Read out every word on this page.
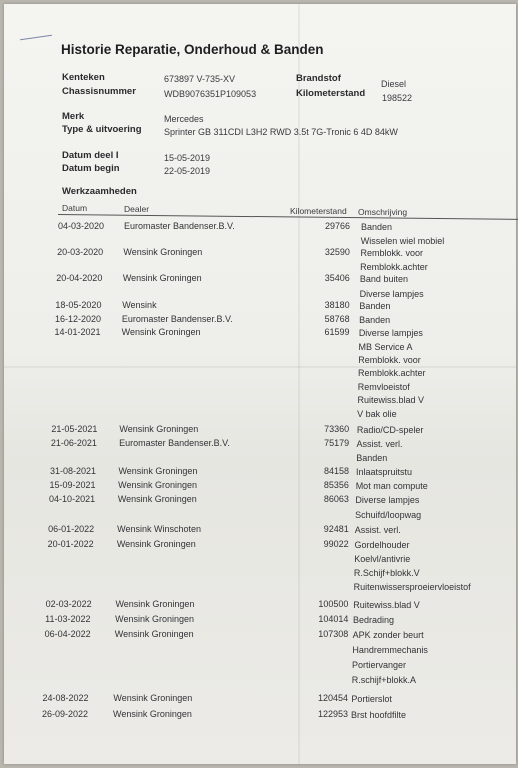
Historie Reparatie, Onderhoud & Banden
Kenteken	673897 V-735-XV
Chassisnummer	WDB9076351P109053
Brandstof	Diesel
Kilometerstand 198522
Merk	Mercedes
Type & uitvoering Sprinter GB 311CDI L3H2 RWD 3.5t 7G-Tronic 6 4D 84kW
Datum deel I	15-05-2019
Datum begin	22-05-2019
Werkzaamheden
Datum	Dealer	Kilometerstand Omschrijving
04-03-2020 Euromaster Bandenser.B.V.	29766 Banden
Wisselen wiel mobiel
20-03-2020 Wensink Groningen	32590 Remblokk. voor
Remblokk.achter
20-04-2020 Wensink Groningen	35406 Band buiten
Diverse lampjes
18-05-2020 Wensink	38180 Banden
16-12-2020 Euromaster Bandenser.B.V.	58768 Banden
14-01-2021 Wensink Groningen	61599 Diverse lampjes
MB Service A
Remblokk. voor
Remblokk.achter
Remvloeistof
Ruitewiss.blad V
V bak olie
21-05-2021 Wensink Groningen	73360 Radio/CD-speler
21-06-2021 Euromaster Bandenser.B.V.	75179 Assist. verl.
Banden
31-08-2021 Wensink Groningen	84158 Inlaatspruitstu
15-09-2021	Wensink Groningen	85356 Mot man compute
04-10-2021	Wensink Groningen	86063 Diverse lampjes
Schuifd/loopwag
06-01-2022	Wensink Winschoten	92481 Assist. verl.
20-01-2022	Wensink Groningen	99022 Gordelhouder
Koelvl/antivrie
R.Schijf+blokk.V
Ruitenwissersproeiervloeistof
02-03-2022	Wensink Groningen	100500 Ruitewiss.blad V
11-03-2022	Wensink Groningen	104014 Bedrading
06-04-2022	Wensink Groningen	107308 APK zonder beurt
Handremmechanis
Portiervanger
R.schijf+blokk.A
24-08-2022	Wensink Groningen	120454 Portierslot
26-09-2022	Wensink Groningen	122953 Brst hoofdfilte
